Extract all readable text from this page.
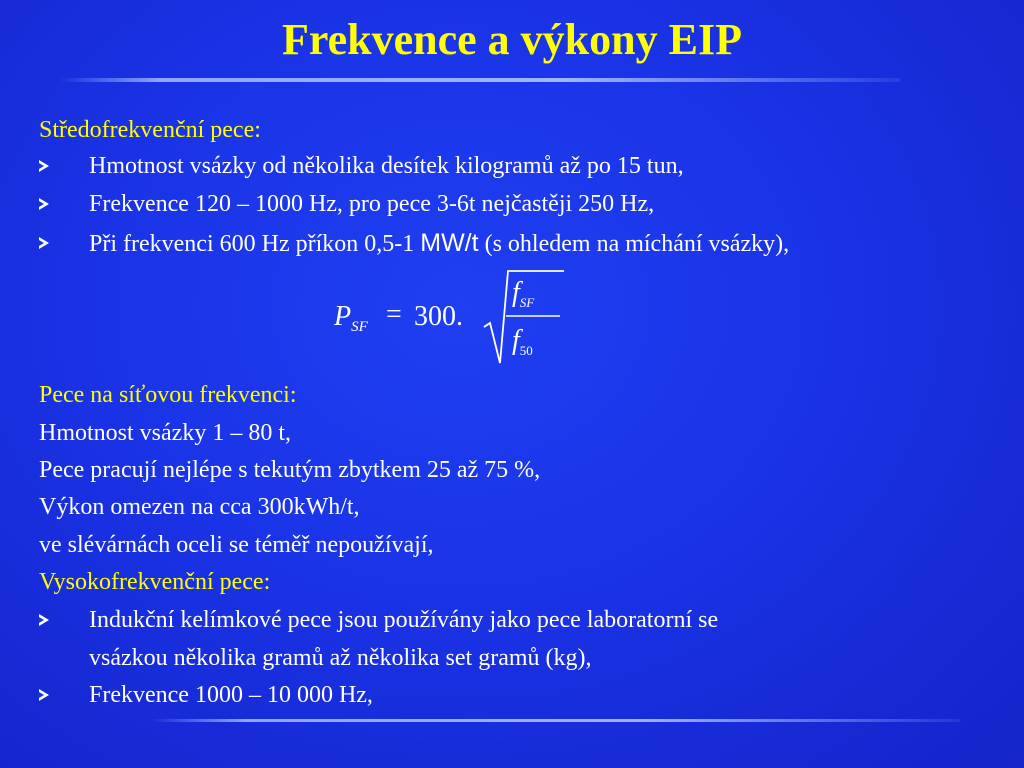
Frekvence a výkony EIP
Středofrekvenční pece:
Hmotnost vsázky od několika desítek kilogramů až po 15 tun,
Frekvence 120 – 1000 Hz, pro pece 3-6t nejčastěji 250 Hz,
Při frekvenci 600 Hz příkon 0,5-1 MW/t (s ohledem na míchání vsázky),
$P_{SF} = 300$.
$f_{SF}$
$f_{50}$
Pece na síťovou frekvenci:
Hmotnost vsázky 1 – 80 t,
Pece pracují nejlépe s tekutým zbytkem 25 až 75 %,
Výkon omezen na cca 300kWh/t,
ve slévárnách oceli se téměř nepoužívají,
Vysokofrekvenční pece:
Indukční kelímkové pece jsou používány jako pece laboratorní se
vsázkou několika gramů až několika set gramů (kg),
Frekvence 1000 – 10 000 Hz,
